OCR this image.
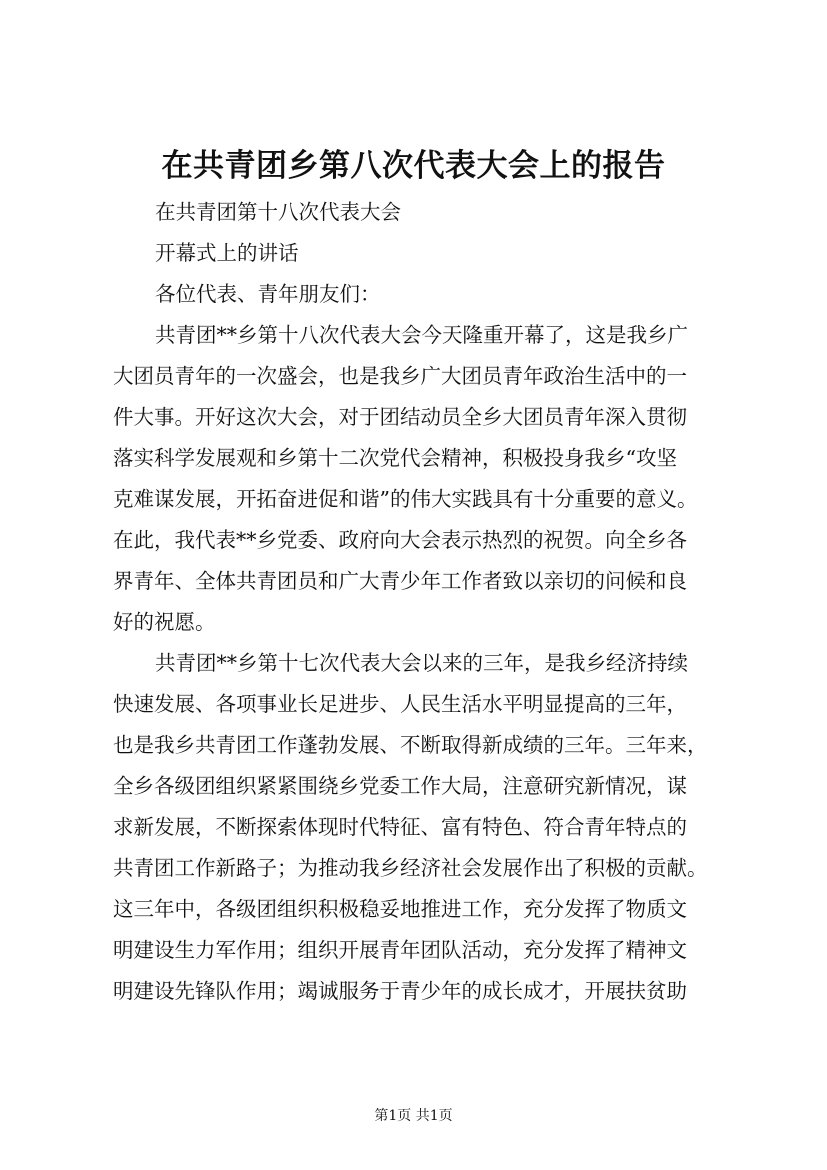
在共青团乡第八次代表大会上的报告
在共青团第十八次代表大会
开幕式上的讲话
各位代表、青年朋友们：
共青团**乡第十八次代表大会今天隆重开幕了，这是我乡广
大团员青年的一次盛会，也是我乡广大团员青年政治生活中的一
件大事。开好这次大会，对于团结动员全乡大团员青年深入贯彻
落实科学发展观和乡第十二次党代会精神，积极投身我乡“攻坚
克难谋发展，开拓奋进促和谐”的伟大实践具有十分重要的意义。
在此，我代表**乡党委、政府向大会表示热烈的祝贺。向全乡各
界青年、全体共青团员和广大青少年工作者致以亲切的问候和良
好的祝愿。
共青团**乡第十七次代表大会以来的三年，是我乡经济持续
快速发展、各项事业长足进步、人民生活水平明显提高的三年，
也是我乡共青团工作蓬勃发展、不断取得新成绩的三年。三年来，
全乡各级团组织紧紧围绕乡党委工作大局，注意研究新情况，谋
求新发展，不断探索体现时代特征、富有特色、符合青年特点的
共青团工作新路子；为推动我乡经济社会发展作出了积极的贡献。
这三年中，各级团组织积极稳妥地推进工作，充分发挥了物质文
明建设生力军作用；组织开展青年团队活动，充分发挥了精神文
明建设先锋队作用；竭诚服务于青少年的成长成才，开展扶贫助
第1页 共1页
